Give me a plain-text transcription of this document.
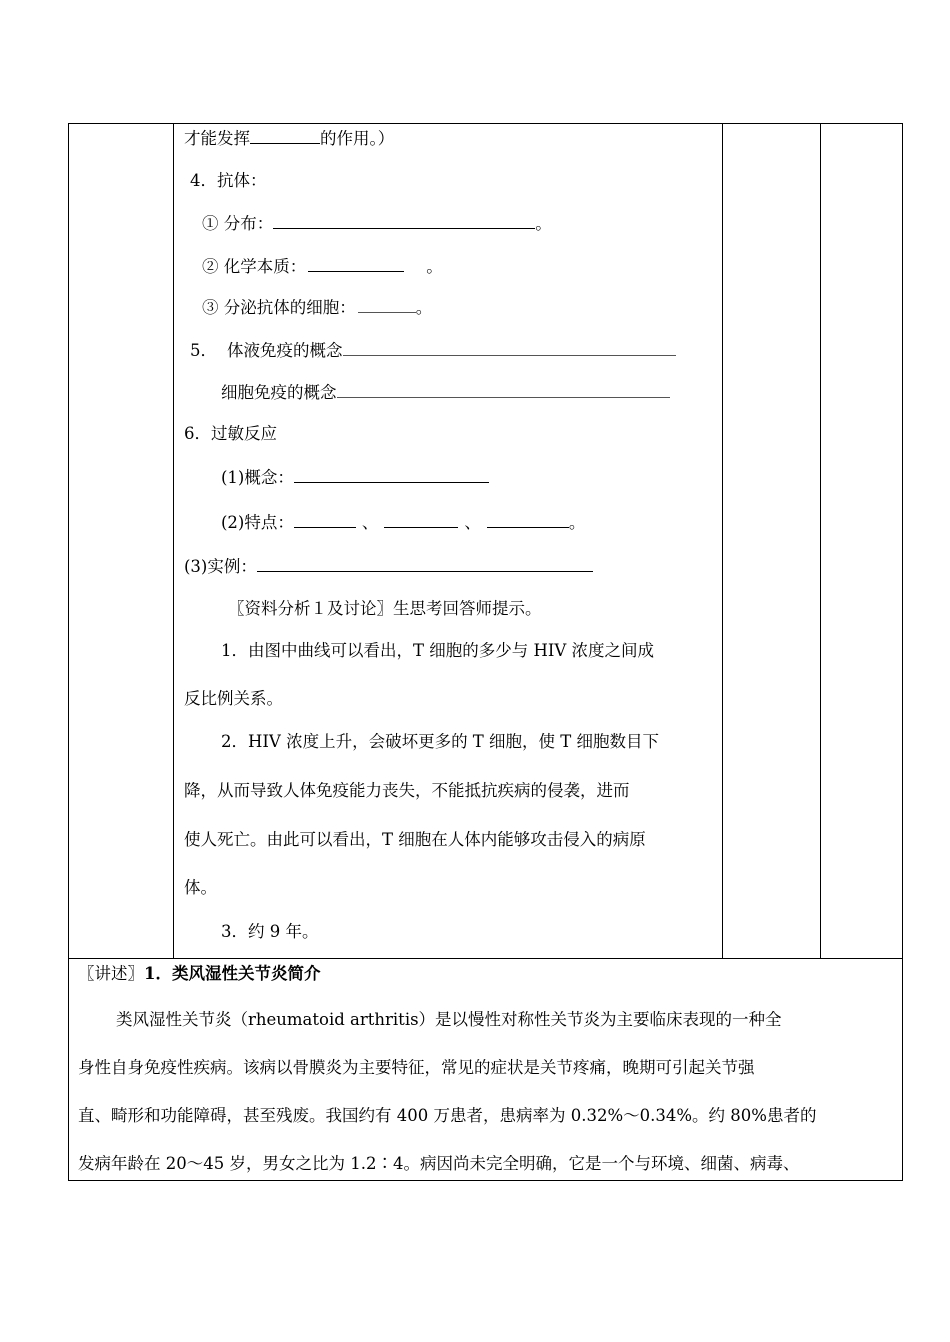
才能发挥	的作用。）
4．抗体：
① 分布：	。
② 化学本质：	。
③ 分泌抗体的细胞：	。
5． 体液免疫的概念
细胞免疫的概念
6．过敏反应
(1)概念：
(2)特点：	、	、	。
(3)实例：
〖资料分析１及讨论〗生思考回答师提示。
1．由图中曲线可以看出，T 细胞的多少与 HIV 浓度之间成
反比例关系。
2．HIV 浓度上升，会破坏更多的 T 细胞，使 T 细胞数目下
降，从而导致人体免疫能力丧失，不能抵抗疾病的侵袭，进而
使人死亡。由此可以看出，T 细胞在人体内能够攻击侵入的病原
体。
3．约 9 年。
〖讲述〗1．类风湿性关节炎简介
类风湿性关节炎（rheumatoid arthritis）是以慢性对称性关节炎为主要临床表现的一种全
身性自身免疫性疾病。该病以骨膜炎为主要特征，常见的症状是关节疼痛，晚期可引起关节强
直、畸形和功能障碍，甚至残废。我国约有 400 万患者，患病率为 0.32%～0.34%。约 80%患者的
发病年龄在 20～45 岁，男女之比为 1.2∶4。病因尚未完全明确，它是一个与环境、细菌、病毒、
